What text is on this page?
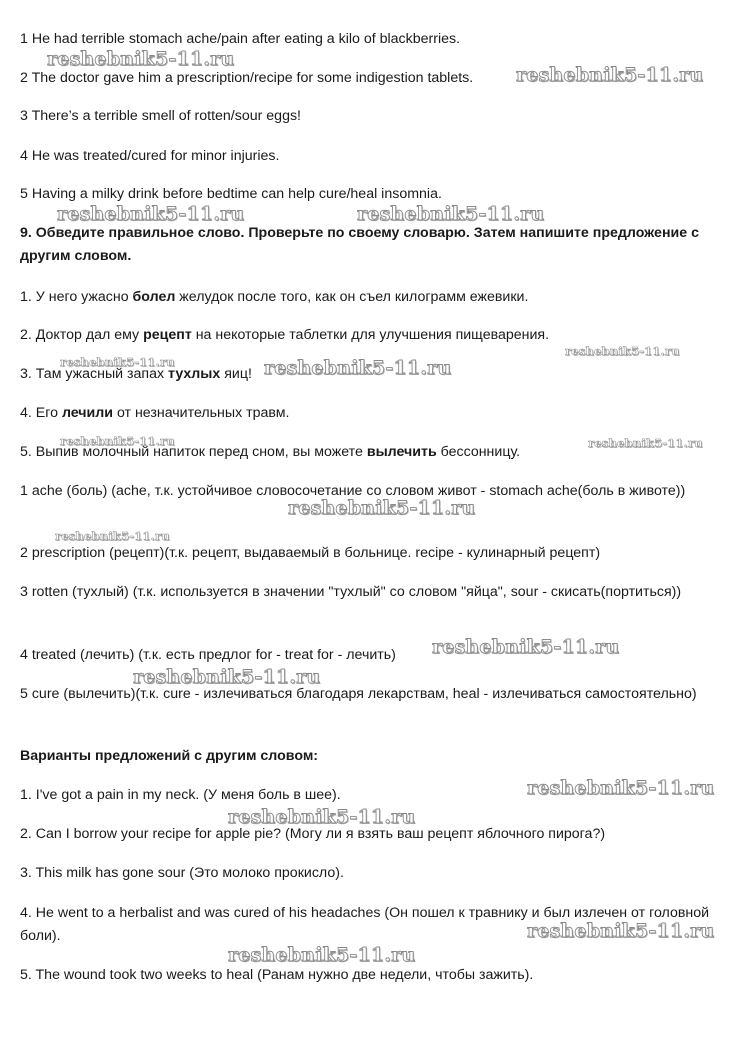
1 He had terrible stomach ache/pain after eating a kilo of blackberries.
2 The doctor gave him a prescription/recipe for some indigestion tablets.
3 There’s a terrible smell of rotten/sour eggs!
4 He was treated/cured for minor injuries.
5 Having a milky drink before bedtime can help cure/heal insomnia.
9. Обведите правильное слово. Проверьте по своему словарю. Затем напишите предложение с другим словом.
1. У него ужасно болел желудок после того, как он съел килограмм ежевики.
2. Доктор дал ему рецепт на некоторые таблетки для улучшения пищеварения.
3. Там ужасный запах тухлых яиц!
4. Его лечили от незначительных травм.
5. Выпив молочный напиток перед сном, вы можете вылечить бессонницу.
1 ache (боль) (ache, т.к. устойчивое словосочетание со словом живот - stomach ache(боль в животе))
2 prescription (рецепт)(т.к. рецепт, выдаваемый в больнице. recipe - кулинарный рецепт)
3 rotten (тухлый) (т.к. используется в значении "тухлый" со словом "яйца", sour - скисать(портиться))
4 treated (лечить) (т.к. есть предлог for - treat for - лечить)
5 cure (вылечить)(т.к. cure - излечиваться благодаря лекарствам, heal - излечиваться самостоятельно)
Варианты предложений с другим словом:
1. I've got a pain in my neck. (У меня боль в шее).
2. Can I borrow your recipe for apple pie? (Могу ли я взять ваш рецепт яблочного пирога?)
3. This milk has gone sour (Это молоко прокисло).
4. He went to a herbalist and was cured of his headaches (Он пошел к травнику и был излечен от головной боли).
5. The wound took two weeks to heal (Ранам нужно две недели, чтобы зажить).
reshebnik5-11.ru
reshebnik5-11.ru
reshebnik5-11.ru	reshebnik5-11.ru
reshebnik5-11.ru
reshebnik5-11.ru	reshebnik5-11.ru
reshebnik5-11.ru	reshebnik5-11.ru
reshebnik5-11.ru
reshebnik5-11.ru
reshebnik5-11.ru
reshebnik5-11.ru
reshebnik5-11.ru
reshebnik5-11.ru
reshebnik5-11.ru
reshebnik5-11.ru
